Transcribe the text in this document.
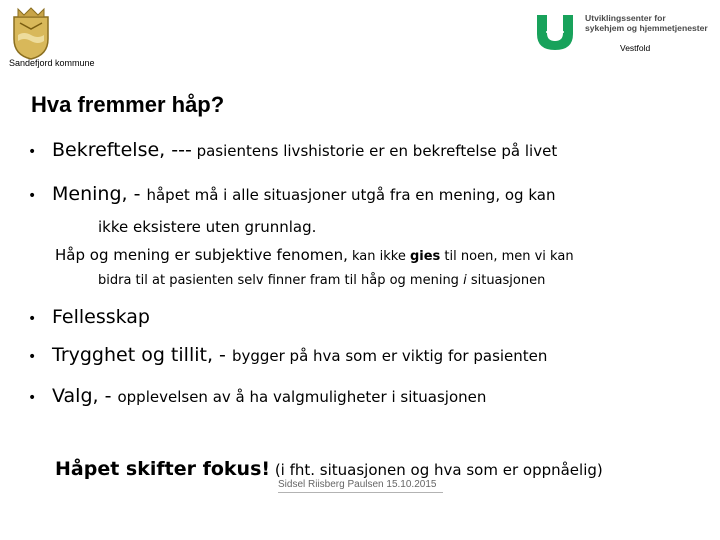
Sandefjord kommune
Utviklingssenter for
sykehjem og hjemmetjenester
Vestfold
Hva fremmer håp?
• Bekreftelse, --- pasientens livshistorie er en bekreftelse på livet
• Mening, - håpet må i alle situasjoner utgå fra en mening, og kan
ikke eksistere uten grunnlag.
Håp og mening er subjektive fenomen, kan ikke gies til noen, men vi kan
bidra til at pasienten selv finner fram til håp og mening i situasjonen
• Fellesskap
• Trygghet og tillit, - bygger på hva som er viktig for pasienten
• Valg, - opplevelsen av å ha valgmuligheter i situasjonen
Håpet skifter fokus! (i fht. situasjonen og hva som er oppnåelig)
Sidsel Riisberg Paulsen 15.10.2015
